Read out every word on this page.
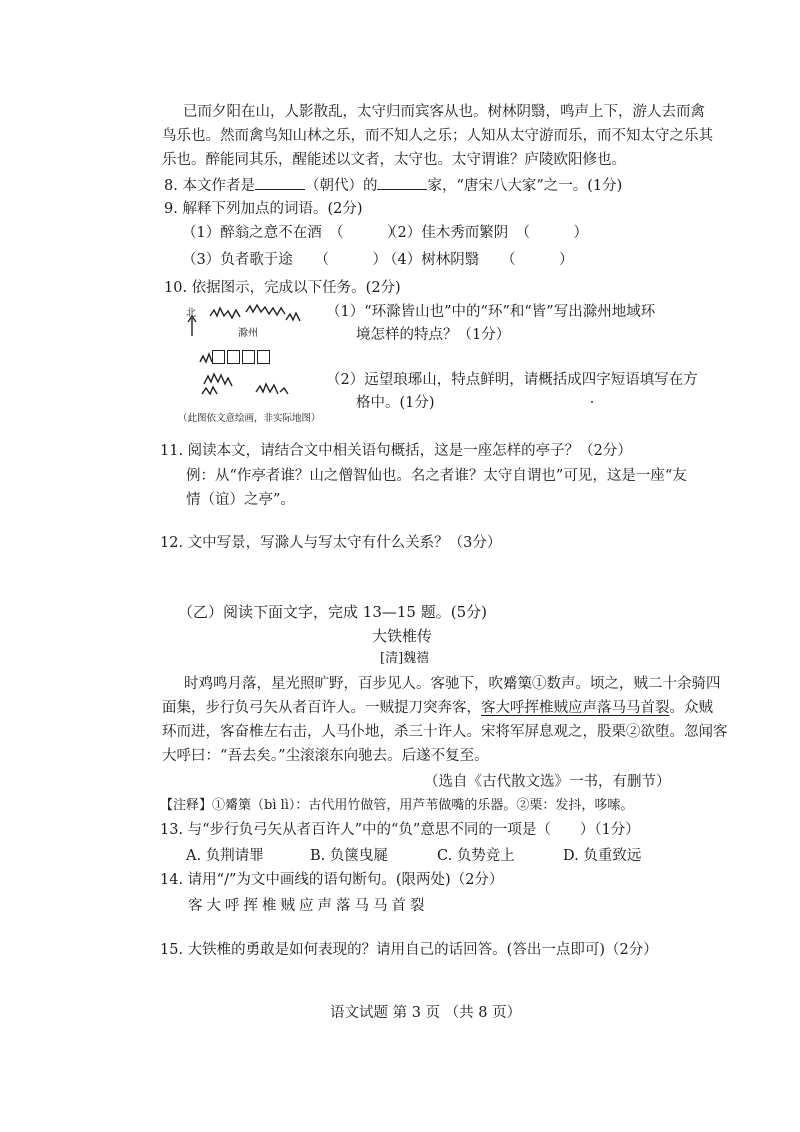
已而夕阳在山，人影散乱，太守归而宾客从也。树林阴翳，鸣声上下，游人去而禽
鸟乐也。然而禽鸟知山林之乐，而不知人之乐；人知从太守游而乐，而不知太守之乐其
乐也。醉能同其乐，醒能述以文者，太守也。太守谓谁？庐陵欧阳修也。
8. 本文作者是	（朝代）的	家，“唐宋八大家”之一。(1分)
9. 解释下列加点的词语。(2分)
（1）醉翁之意不在酒　（　　　）
（2）佳木秀而繁阴　（　　　）
（3）负者歌于途　　（　　　）
（4）树林阴翳　　（　　　）
10. 依据图示，完成以下任务。(2分)
北
滁州
（此图依文意绘画，非实际地图）
（1）“环滁皆山也”中的“环”和“皆”写出滁州地域环
境怎样的特点？（1分）
（2）远望琅琊山，特点鲜明，请概括成四字短语填写在方
格中。(1分)
11. 阅读本文，请结合文中相关语句概括，这是一座怎样的亭子？（2分）
例：从“作亭者谁？山之僧智仙也。名之者谁？太守自谓也”可见，这是一座“友
情（谊）之亭”。
12. 文中写景，写滁人与写太守有什么关系？（3分）
（乙）阅读下面文字，完成 13—15 题。(5分)
大铁椎传
[清]魏禧
时鸡鸣月落，星光照旷野，百步见人。客驰下，吹觱篥①数声。顷之，贼二十余骑四
面集，步行负弓矢从者百许人。一贼提刀突奔客，客大呼挥椎贼应声落马马首裂。众贼
环而进，客奋椎左右击，人马仆地，杀三十许人。宋将军屏息观之，股栗②欲堕。忽闻客
大呼曰：“吾去矣。”尘滚滚东向驰去。后遂不复至。
（选自《古代散文选》一书，有删节）
【注释】①觱篥（bì lì）：古代用竹做管，用芦苇做嘴的乐器。②栗：发抖，哆嗦。
13. 与“步行负弓矢从者百许人”中的“负”意思不同的一项是（　　）（1分）
A. 负荆请罪	B. 负箧曳屣	C. 负势竞上	D. 负重致远
14. 请用“/”为文中画线的语句断句。(限两处)（2分）
客大呼挥椎贼应声落马马首裂
15. 大铁椎的勇敢是如何表现的？请用自己的话回答。(答出一点即可)（2分）
语文试题 第 3 页 （共 8 页）
